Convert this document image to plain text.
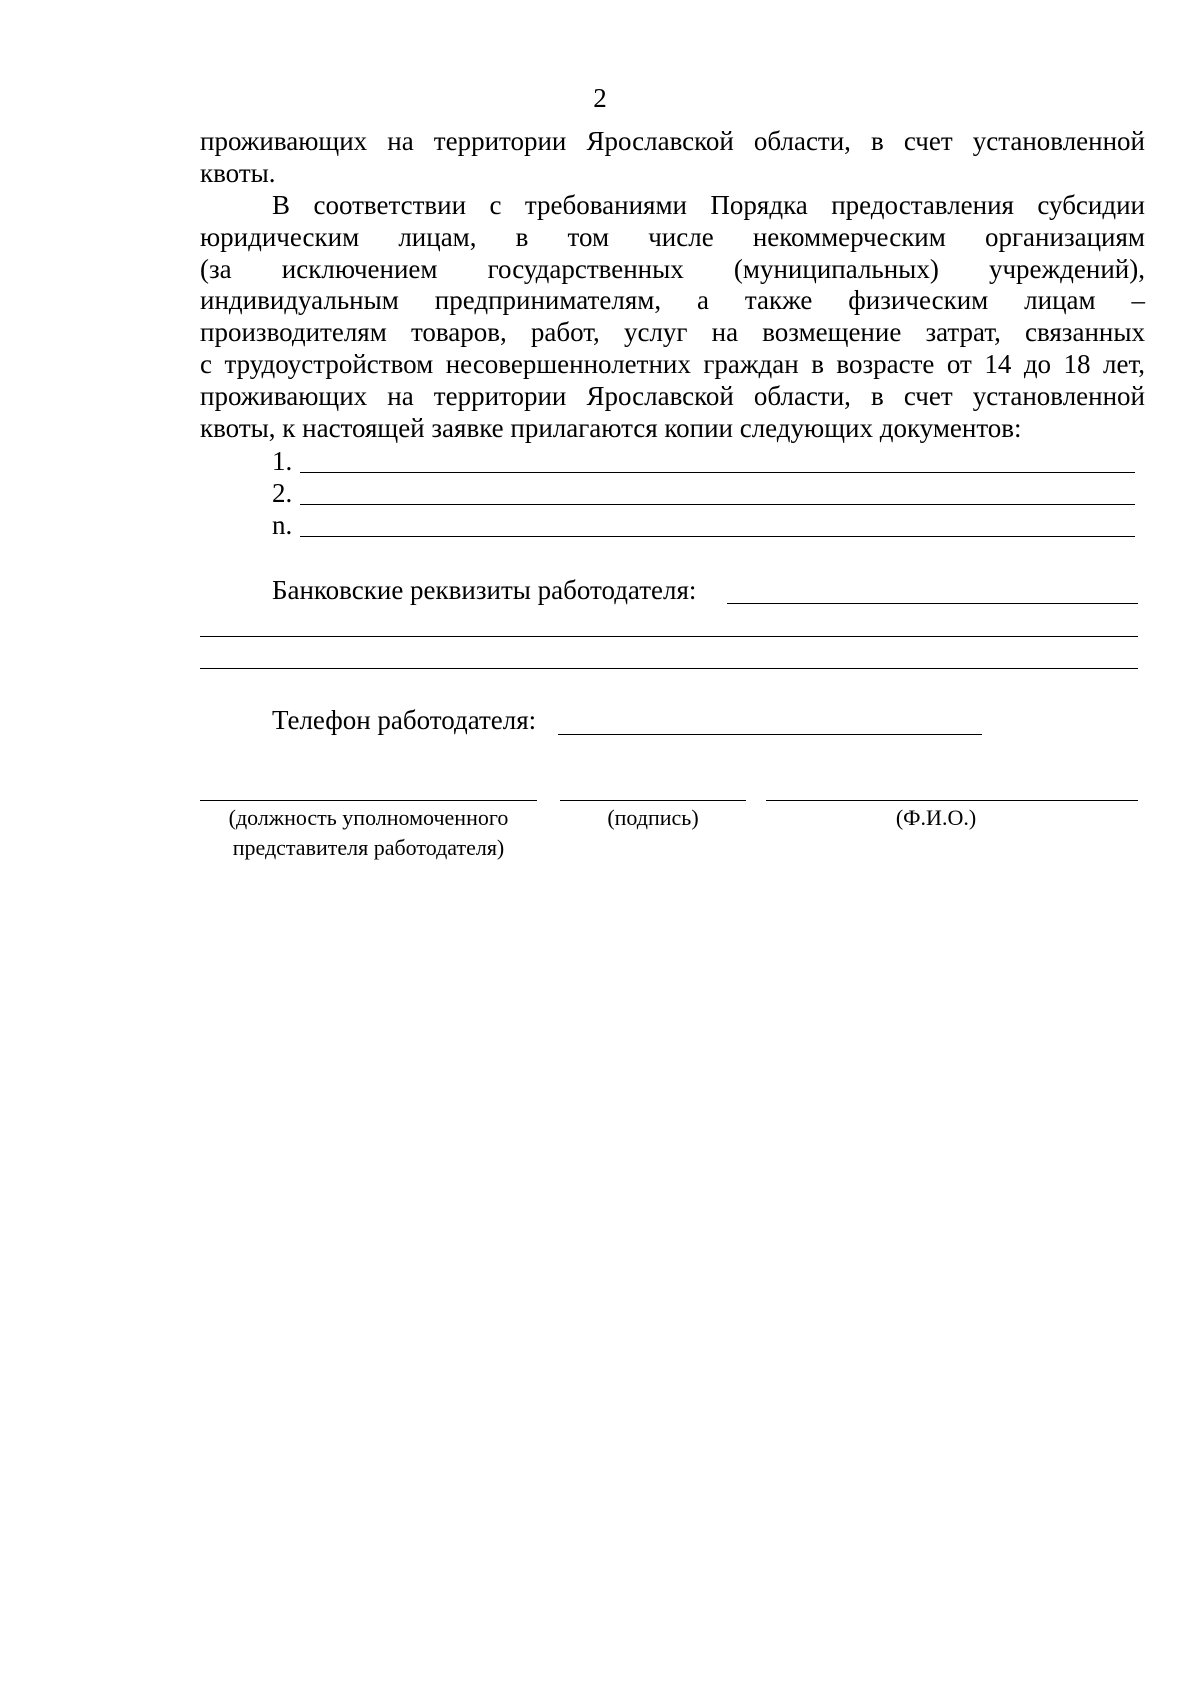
2
проживающих на территории Ярославской области, в счет установленной
квоты.
В соответствии с требованиями Порядка предоставления субсидии
юридическим лицам, в том числе некоммерческим организациям
(за исключением государственных (муниципальных) учреждений),
индивидуальным предпринимателям, а также физическим лицам –
производителям товаров, работ, услуг на возмещение затрат, связанных
с трудоустройством несовершеннолетних граждан в возрасте от 14 до 18 лет,
проживающих на территории Ярославской области, в счет установленной
квоты, к настоящей заявке прилагаются копии следующих документов:
1.
2.
n.
Банковские реквизиты работодателя:
Телефон работодателя:
(должность уполномоченного
представителя работодателя)
(подпись)	(Ф.И.О.)
